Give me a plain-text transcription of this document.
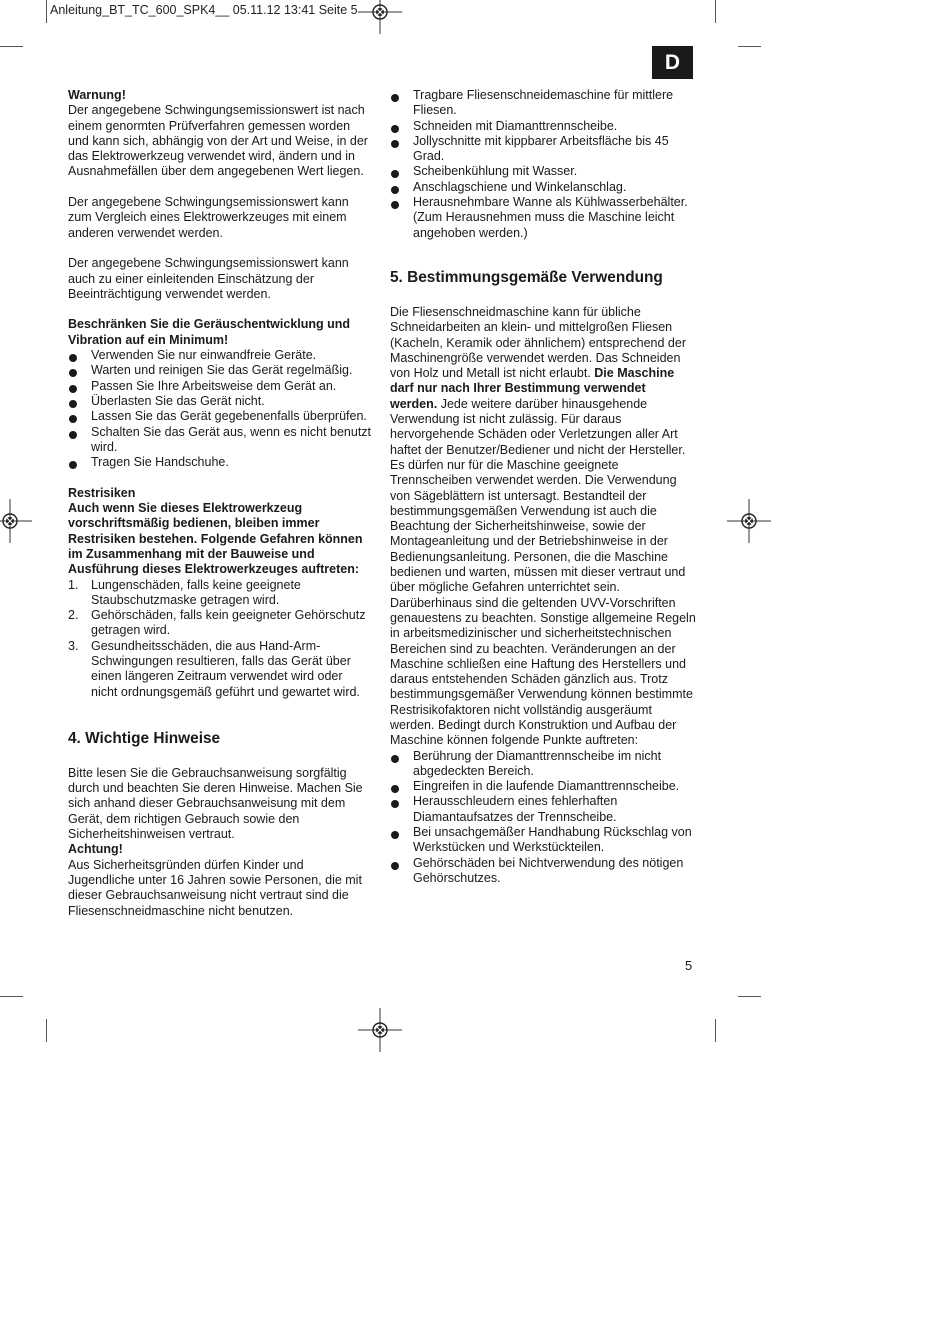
Anleitung_BT_TC_600_SPK4__ 05.11.12 13:41 Seite 5
D

Warnung!

Der angegebene Schwingungsemissionswert ist nach einem genormten Prüfverfahren gemessen worden und kann sich, abhängig von der Art und Weise, in der das Elektrowerkzeug verwendet wird, ändern und in Ausnahmefällen über dem angegebenen Wert liegen.

Der angegebene Schwingungsemissionswert kann zum Vergleich eines Elektrowerkzeuges mit einem anderen verwendet werden.

Der angegebene Schwingungsemissionswert kann auch zu einer einleitenden Einschätzung der Beeinträchtigung verwendet werden.

Beschränken Sie die Geräuschentwicklung und Vibration auf ein Minimum!

Verwenden Sie nur einwandfreie Geräte.
Warten und reinigen Sie das Gerät regelmäßig.
Passen Sie Ihre Arbeitsweise dem Gerät an.
Überlasten Sie das Gerät nicht.
Lassen Sie das Gerät gegebenenfalls überprüfen.
Schalten Sie das Gerät aus, wenn es nicht benutzt wird.
Tragen Sie Handschuhe.

Restrisiken

Auch wenn Sie dieses Elektrowerkzeug vorschriftsmäßig bedienen, bleiben immer Restrisiken bestehen. Folgende Gefahren können im Zusammenhang mit der Bauweise und Ausführung dieses Elektrowerkzeuges auftreten:

1. Lungenschäden, falls keine geeignete Staubschutzmaske getragen wird.
2. Gehörschäden, falls kein geeigneter Gehörschutz getragen wird.
3. Gesundheitsschäden, die aus Hand-Arm-Schwingungen resultieren, falls das Gerät über einen längeren Zeitraum verwendet wird oder nicht ordnungsgemäß geführt und gewartet wird.
4. Wichtige Hinweise

Bitte lesen Sie die Gebrauchsanweisung sorgfältig durch und beachten Sie deren Hinweise. Machen Sie sich anhand dieser Gebrauchsanweisung mit dem Gerät, dem richtigen Gebrauch sowie den Sicherheitshinweisen vertraut.

Achtung!

Aus Sicherheitsgründen dürfen Kinder und Jugendliche unter 16 Jahren sowie Personen, die mit dieser Gebrauchsanweisung nicht vertraut sind die Fliesenschneidmaschine nicht benutzen.

Tragbare Fliesenschneidemaschine für mittlere Fliesen.
Schneiden mit Diamanttrennscheibe.
Jollyschnitte mit kippbarer Arbeitsfläche bis 45 Grad.
Scheibenkühlung mit Wasser.
Anschlagschiene und Winkelanschlag.
Herausnehmbare Wanne als Kühlwasserbehälter. (Zum Herausnehmen muss die Maschine leicht angehoben werden.)
5. Bestimmungsgemäße Verwendung

Die Fliesenschneidmaschine kann für übliche Schneidarbeiten an klein- und mittelgroßen Fliesen (Kacheln, Keramik oder ähnlichem) entsprechend der Maschinengröße verwendet werden. Das Schneiden von Holz und Metall ist nicht erlaubt. Die Maschine darf nur nach Ihrer Bestimmung verwendet werden. Jede weitere darüber hinausgehende Verwendung ist nicht zulässig. Für daraus hervorgehende Schäden oder Verletzungen aller Art haftet der Benutzer/Bediener und nicht der Hersteller. Es dürfen nur für die Maschine geeignete Trennscheiben verwendet werden. Die Verwendung von Sägeblättern ist untersagt. Bestandteil der bestimmungsgemäßen Verwendung ist auch die Beachtung der Sicherheitshinweise, sowie der Montageanleitung und der Betriebshinweise in der Bedienungsanleitung. Personen, die die Maschine bedienen und warten, müssen mit dieser vertraut und über mögliche Gefahren unterrichtet sein. Darüberhinaus sind die geltenden UVV-Vorschriften genauestens zu beachten. Sonstige allgemeine Regeln in arbeitsmedizinischer und sicherheitstechnischen Bereichen sind zu beachten. Veränderungen an der Maschine schließen eine Haftung des Herstellers und daraus entstehenden Schäden gänzlich aus. Trotz bestimmungsgemäßer Verwendung können bestimmte Restrisikofaktoren nicht vollständig ausgeräumt werden. Bedingt durch Konstruktion und Aufbau der Maschine können folgende Punkte auftreten:

Berührung der Diamanttrennscheibe im nicht abgedeckten Bereich.
Eingreifen in die laufende Diamanttrennscheibe.
Herausschleudern eines fehlerhaften Diamantaufsatzes der Trennscheibe.
Bei unsachgemäßer Handhabung Rückschlag von Werkstücken und Werkstückteilen.
Gehörschäden bei Nichtverwendung des nötigen Gehörschutzes.
5
